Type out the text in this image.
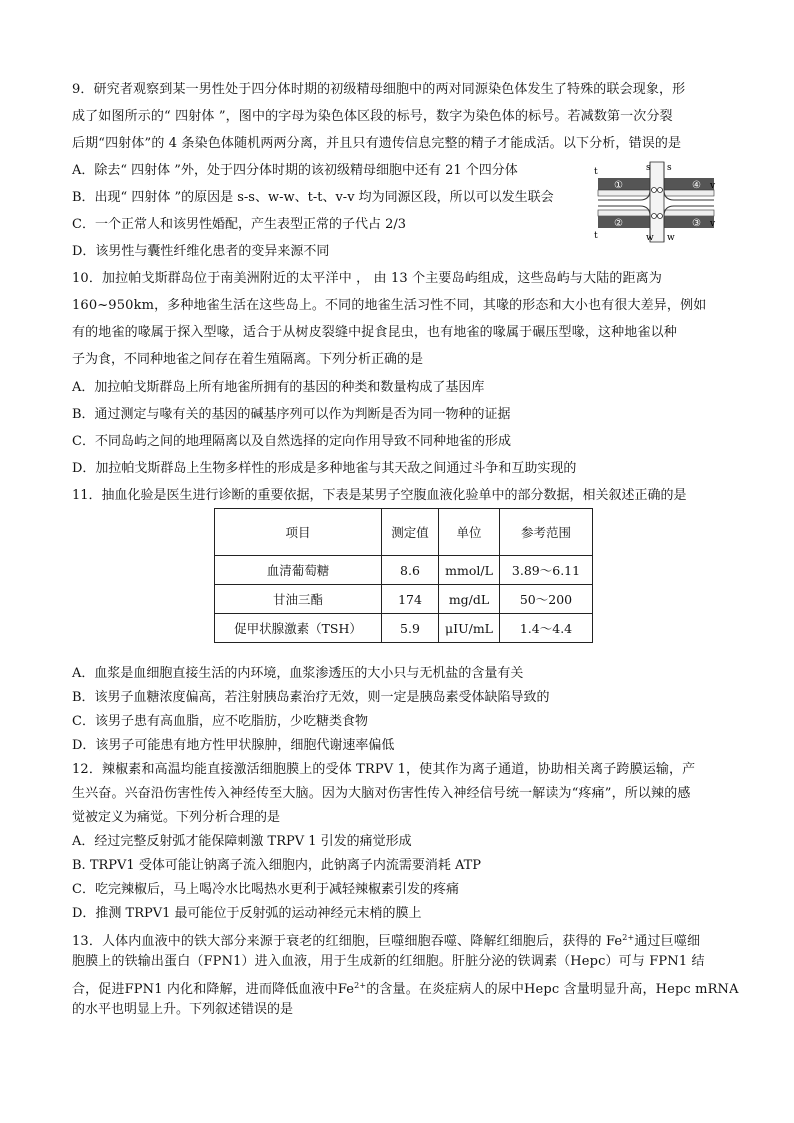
9．研究者观察到某一男性处于四分体时期的初级精母细胞中的两对同源染色体发生了特殊的联会现象，形
成了如图所示的“ 四射体 ”，图中的字母为染色体区段的标号，数字为染色体的标号。若减数第一次分裂
后期“四射体”的 4 条染色体随机两两分离，并且只有遗传信息完整的精子才能成活。以下分析，错误的是
A．除去“ 四射体 ”外，处于四分体时期的该初级精母细胞中还有 21 个四分体
B．出现“ 四射体 ”的原因是 s-s、w-w、t-t、v-v 均为同源区段，所以可以发生联会
C．一个正常人和该男性婚配，产生表型正常的子代占 2/3
D．该男性与囊性纤维化患者的变异来源不同
t
①
s s
④ v
t
②
w w
③ v
10．加拉帕戈斯群岛位于南美洲附近的太平洋中 ， 由 13 个主要岛屿组成，这些岛屿与大陆的距离为
160~950km，多种地雀生活在这些岛上。不同的地雀生活习性不同，其喙的形态和大小也有很大差异，例如
有的地雀的喙属于探入型喙，适合于从树皮裂缝中捉食昆虫，也有地雀的喙属于碾压型喙，这种地雀以种
子为食，不同种地雀之间存在着生殖隔离。下列分析正确的是
A．加拉帕戈斯群岛上所有地雀所拥有的基因的种类和数量构成了基因库
B．通过测定与喙有关的基因的碱基序列可以作为判断是否为同一物种的证据
C．不同岛屿之间的地理隔离以及自然选择的定向作用导致不同种地雀的形成
D．加拉帕戈斯群岛上生物多样性的形成是多种地雀与其天敌之间通过斗争和互助实现的
11．抽血化验是医生进行诊断的重要依据，下表是某男子空腹血液化验单中的部分数据，相关叙述正确的是
项目	测定值	单位	参考范围
血清葡萄糖	8.6	mmol/L	3.89～6.11
甘油三酯	174	mg/dL	50～200
促甲状腺激素（TSH）	5.9	μIU/mL	1.4～4.4
A．血浆是血细胞直接生活的内环境，血浆渗透压的大小只与无机盐的含量有关
B．该男子血糖浓度偏高，若注射胰岛素治疗无效，则一定是胰岛素受体缺陷导致的
C．该男子患有高血脂，应不吃脂肪，少吃糖类食物
D．该男子可能患有地方性甲状腺肿，细胞代谢速率偏低
12．辣椒素和高温均能直接激活细胞膜上的受体 TRPV 1，使其作为离子通道，协助相关离子跨膜运输，产
生兴奋。兴奋沿伤害性传入神经传至大脑。因为大脑对伤害性传入神经信号统一解读为“疼痛”，所以辣的感
觉被定义为痛觉。下列分析合理的是
A．经过完整反射弧才能保障刺激 TRPV 1 引发的痛觉形成
B. TRPV1 受体可能让钠离子流入细胞内，此钠离子内流需要消耗 ATP
C．吃完辣椒后，马上喝冷水比喝热水更利于减轻辣椒素引发的疼痛
D．推测 TRPV1 最可能位于反射弧的运动神经元末梢的膜上
13．人体内血液中的铁大部分来源于衰老的红细胞，巨噬细胞吞噬、降解红细胞后，获得的 $Fe^{2+}$通过巨噬细
胞膜上的铁输出蛋白（FPN1）进入血液，用于生成新的红细胞。肝脏分泌的铁调素（Hepc）可与 FPN1 结
合，促进FPN1 内化和降解，进而降低血液中$Fe^{2+}$的含量。在炎症病人的尿中Hepc 含量明显升高，Hepc mRNA
的水平也明显上升。下列叙述错误的是
